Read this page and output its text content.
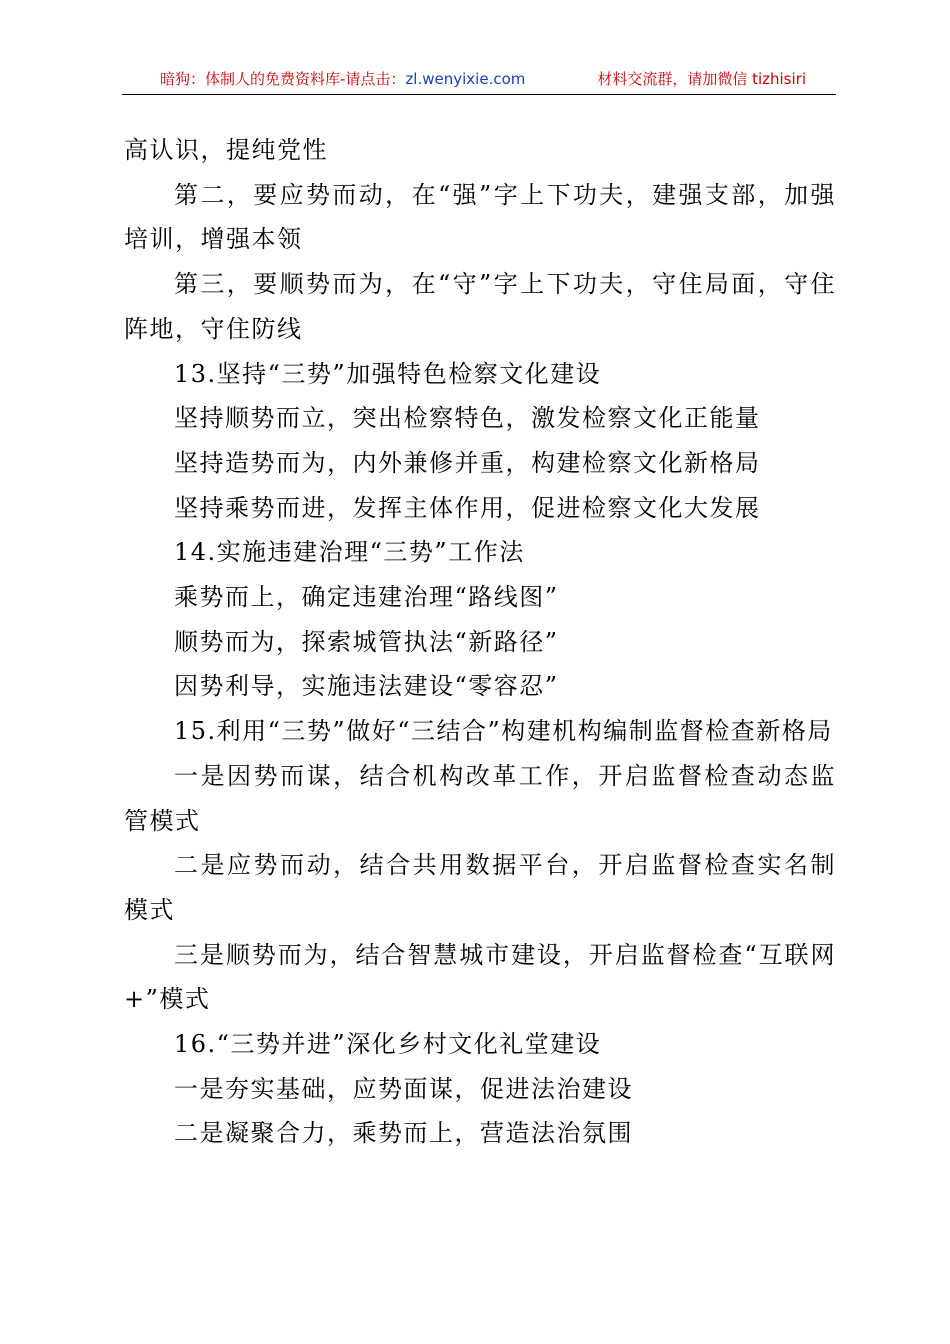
暗狗：体制人的免费资料库-请点击：zl.wenyixie.com	材料交流群，请加微信 tizhisiri

高认识，提纯党性

第二，要应势而动，在“强”字上下功夫，建强支部，加强培训，增强本领

第三，要顺势而为，在“守”字上下功夫，守住局面，守住阵地，守住防线

13.坚持“三势”加强特色检察文化建设

坚持顺势而立，突出检察特色，激发检察文化正能量

坚持造势而为，内外兼修并重，构建检察文化新格局

坚持乘势而进，发挥主体作用，促进检察文化大发展

14.实施违建治理“三势”工作法

乘势而上，确定违建治理“路线图”

顺势而为，探索城管执法“新路径”

因势利导，实施违法建设“零容忍”

15.利用“三势”做好“三结合”构建机构编制监督检查新格局

一是因势而谋，结合机构改革工作，开启监督检查动态监管模式

二是应势而动，结合共用数据平台，开启监督检查实名制模式

三是顺势而为，结合智慧城市建设，开启监督检查“互联网+”模式

16.“三势并进”深化乡村文化礼堂建设

一是夯实基础，应势面谋，促进法治建设

二是凝聚合力，乘势而上，营造法治氛围
